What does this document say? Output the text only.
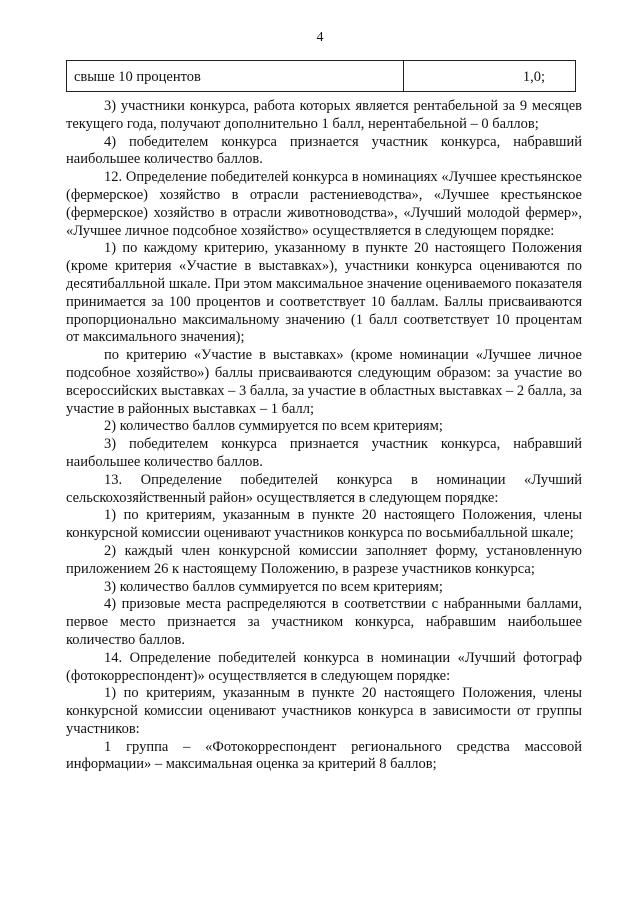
4
свыше 10 процентов	1,0;

3) участники конкурса, работа которых является рентабельной за 9 месяцев текущего года, получают дополнительно 1 балл, нерентабельной – 0 баллов;

4) победителем конкурса признается участник конкурса, набравший наибольшее количество баллов.

12. Определение победителей конкурса в номинациях «Лучшее крестьянское (фермерское) хозяйство в отрасли растениеводства», «Лучшее крестьянское (фермерское) хозяйство в отрасли животноводства», «Лучший молодой фермер», «Лучшее личное подсобное хозяйство» осуществляется в следующем порядке:

1) по каждому критерию, указанному в пункте 20 настоящего Положения (кроме критерия «Участие в выставках»), участники конкурса оцениваются по десятибалльной шкале. При этом максимальное значение оцениваемого показателя принимается за 100 процентов и соответствует 10 баллам. Баллы присваиваются пропорционально максимальному значению (1 балл соответствует 10 процентам от максимального значения);

по критерию «Участие в выставках» (кроме номинации «Лучшее личное подсобное хозяйство») баллы присваиваются следующим образом: за участие во всероссийских выставках – 3 балла, за участие в областных выставках – 2 балла, за участие в районных выставках – 1 балл;

2) количество баллов суммируется по всем критериям;

3) победителем конкурса признается участник конкурса, набравший наибольшее количество баллов.

13. Определение победителей конкурса в номинации «Лучший сельскохозяйственный район» осуществляется в следующем порядке:

1) по критериям, указанным в пункте 20 настоящего Положения, члены конкурсной комиссии оценивают участников конкурса по восьмибалльной шкале;

2) каждый член конкурсной комиссии заполняет форму, установленную приложением 26 к настоящему Положению, в разрезе участников конкурса;

3) количество баллов суммируется по всем критериям;

4) призовые места распределяются в соответствии с набранными баллами, первое место признается за участником конкурса, набравшим наибольшее количество баллов.

14. Определение победителей конкурса в номинации «Лучший фотограф (фотокорреспондент)» осуществляется в следующем порядке:

1) по критериям, указанным в пункте 20 настоящего Положения, члены конкурсной комиссии оценивают участников конкурса в зависимости от группы участников:

1 группа – «Фотокорреспондент регионального средства массовой информации» – максимальная оценка за критерий 8 баллов;
